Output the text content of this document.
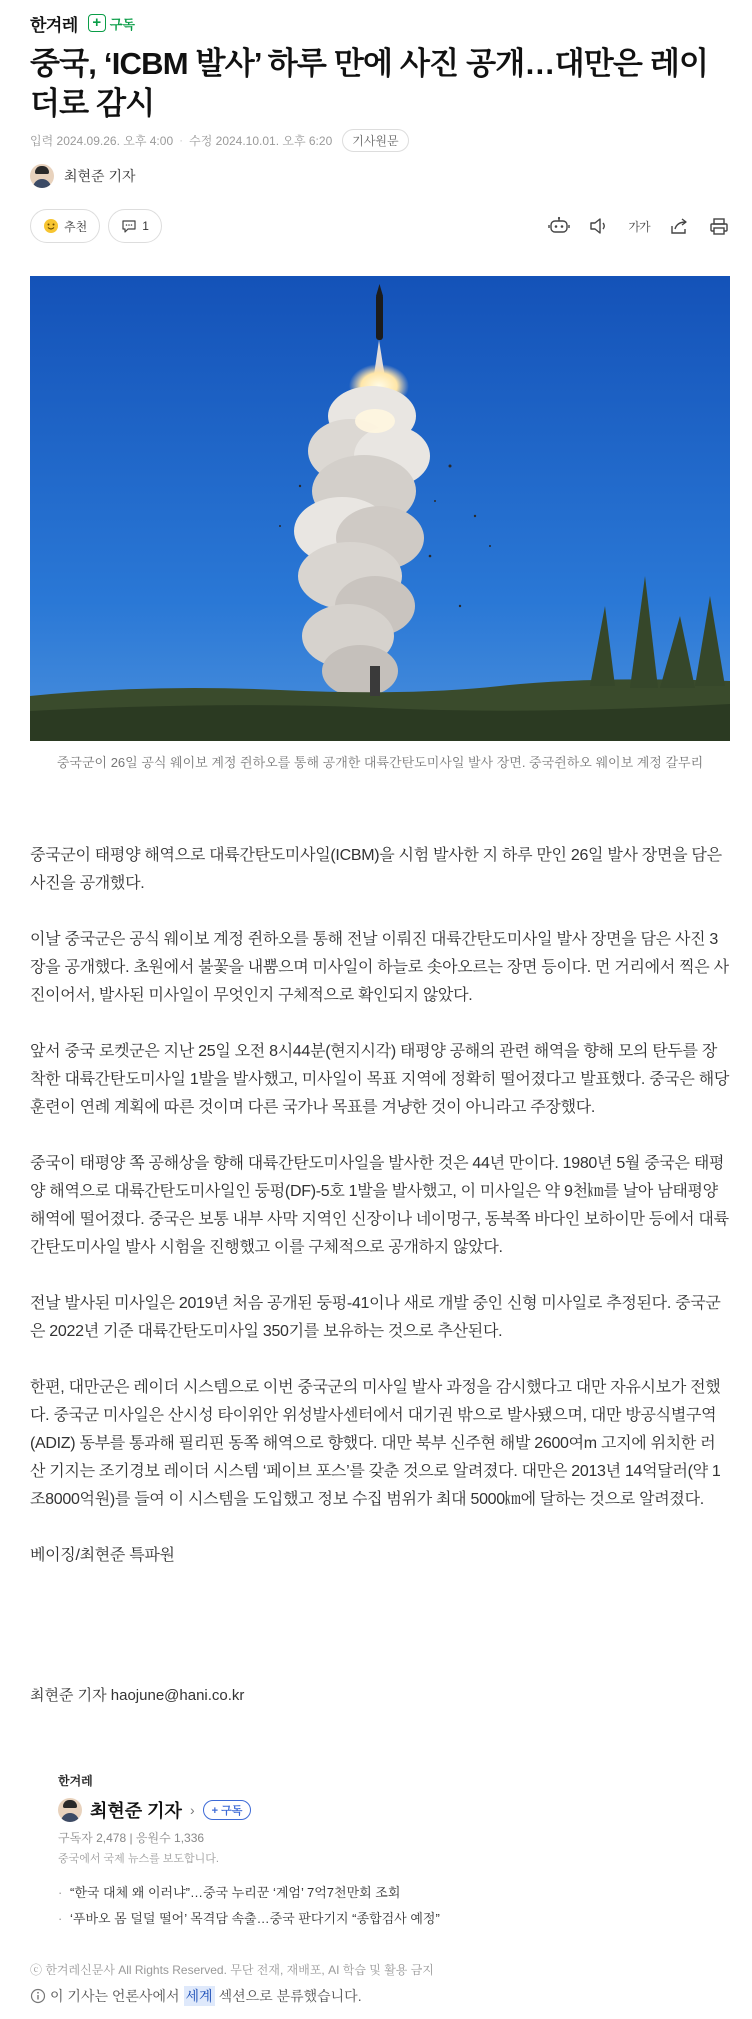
한겨레 + 구독
중국, ‘ICBM 발사’ 하루 만에 사진 공개…대만은 레이더로 감시
입력 2024.09.26. 오후 4:00 · 수정 2024.10.01. 오후 6:20	기사원문
최현준 기자
추천	1	가가

중국군이 26일 공식 웨이보 계정 쥔하오를 통해 공개한 대륙간탄도미사일 발사 장면. 중국쥔하오 웨이보 계정 갈무리

중국군이 태평양 해역으로 대륙간탄도미사일(ICBM)을 시험 발사한 지 하루 만인 26일 발사 장면을 담은 사진을 공개했다.

이날 중국군은 공식 웨이보 계정 쥔하오를 통해 전날 이뤄진 대륙간탄도미사일 발사 장면을 담은 사진 3장을 공개했다. 초원에서 불꽃을 내뿜으며 미사일이 하늘로 솟아오르는 장면 등이다. 먼 거리에서 찍은 사진이어서, 발사된 미사일이 무엇인지 구체적으로 확인되지 않았다.

앞서 중국 로켓군은 지난 25일 오전 8시44분(현지시각) 태평양 공해의 관련 해역을 향해 모의 탄두를 장착한 대륙간탄도미사일 1발을 발사했고, 미사일이 목표 지역에 정확히 떨어졌다고 발표했다. 중국은 해당 훈련이 연례 계획에 따른 것이며 다른 국가나 목표를 겨냥한 것이 아니라고 주장했다.

중국이 태평양 쪽 공해상을 향해 대륙간탄도미사일을 발사한 것은 44년 만이다. 1980년 5월 중국은 태평양 해역으로 대륙간탄도미사일인 둥펑(DF)-5호 1발을 발사했고, 이 미사일은 약 9천㎞를 날아 남태평양 해역에 떨어졌다. 중국은 보통 내부 사막 지역인 신장이나 네이멍구, 동북쪽 바다인 보하이만 등에서 대륙간탄도미사일 발사 시험을 진행했고 이를 구체적으로 공개하지 않았다.

전날 발사된 미사일은 2019년 처음 공개된 둥펑-41이나 새로 개발 중인 신형 미사일로 추정된다. 중국군은 2022년 기준 대륙간탄도미사일 350기를 보유하는 것으로 추산된다.

한편, 대만군은 레이더 시스템으로 이번 중국군의 미사일 발사 과정을 감시했다고 대만 자유시보가 전했다. 중국군 미사일은 산시성 타이위안 위성발사센터에서 대기권 밖으로 발사됐으며, 대만 방공식별구역(ADIZ) 동부를 통과해 필리핀 동쪽 해역으로 향했다. 대만 북부 신주현 해발 2600여m 고지에 위치한 러산 기지는 조기경보 레이더 시스템 ‘페이브 포스’를 갖춘 것으로 알려졌다. 대만은 2013년 14억달러(약 1조8000억원)를 들여 이 시스템을 도입했고 정보 수집 범위가 최대 5000㎞에 달하는 것으로 알려졌다.

베이징/최현준 특파원

최현준 기자 haojune@hani.co.kr

한겨레
최현준 기자 ›	+ 구독
구독자 2,478 | 응원수 1,336
중국에서 국제 뉴스를 보도합니다.
· “한국 대체 왜 이러냐”…중국 누리꾼 ‘계엄’ 7억7천만회 조회
· ‘푸바오 몸 덜덜 떨어’ 목격담 속출…중국 판다기지 “종합검사 예정”

ⓒ 한겨레신문사 All Rights Reserved. 무단 전재, 재배포, AI 학습 및 활용 금지

이 기사는 언론사에서 세계 섹션으로 분류했습니다.
